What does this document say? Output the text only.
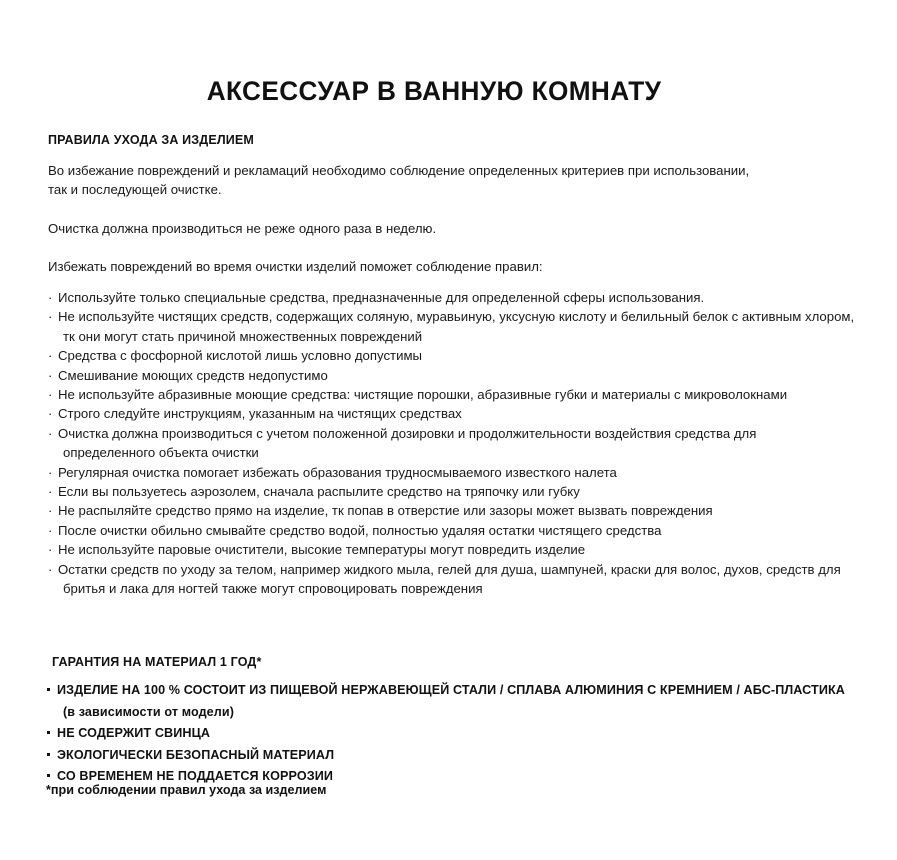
АКСЕССУАР В ВАННУЮ КОМНАТУ
ПРАВИЛА УХОДА ЗА ИЗДЕЛИЕМ

Во избежание повреждений и рекламаций необходимо соблюдение определенных критериев при использовании,
так и последующей очистке.

Очистка должна производиться не реже одного раза в неделю.

Избежать повреждений во время очистки изделий поможет соблюдение правил:

· Используйте только специальные средства, предназначенные для определенной сферы использования.
· Не используйте чистящих средств, содержащих соляную, муравьиную, уксусную кислоту и белильный белок с активным хлором,
тк они могут стать причиной множественных повреждений
· Средства с фосфорной кислотой лишь условно допустимы
· Смешивание моющих средств недопустимо
· Не используйте абразивные моющие средства: чистящие порошки, абразивные губки и материалы с микроволокнами
· Строго следуйте инструкциям, указанным на чистящих средствах
· Очистка должна производиться с учетом положенной дозировки и продолжительности воздействия средства для
определенного объекта очистки
· Регулярная очистка помогает избежать образования трудносмываемого известкого налета
· Если вы пользуетесь аэрозолем, сначала распылите средство на тряпочку или губку
· Не распыляйте средство прямо на изделие, тк попав в отверстие или зазоры может вызвать повреждения
· После очистки обильно смывайте средство водой, полностью удаляя остатки чистящего средства
· Не используйте паровые очистители, высокие температуры могут повредить изделие
· Остатки средств по уходу за телом, например жидкого мыла, гелей для душа, шампуней, краски для волос, духов, средств для
бритья и лака для ногтей также могут спровоцировать повреждения
ГАРАНТИЯ НА МАТЕРИАЛ 1 ГОД*
ИЗДЕЛИЕ НА 100 % СОСТОИТ ИЗ ПИЩЕВОЙ НЕРЖАВЕЮЩЕЙ СТАЛИ / СПЛАВА АЛЮМИНИЯ С КРЕМНИЕМ / АБС-ПЛАСТИКА
(в зависимости от модели)
НЕ СОДЕРЖИТ СВИНЦА
ЭКОЛОГИЧЕСКИ БЕЗОПАСНЫЙ МАТЕРИАЛ
СО ВРЕМЕНЕМ НЕ ПОДДАЕТСЯ КОРРОЗИИ
*при соблюдении правил ухода за изделием
